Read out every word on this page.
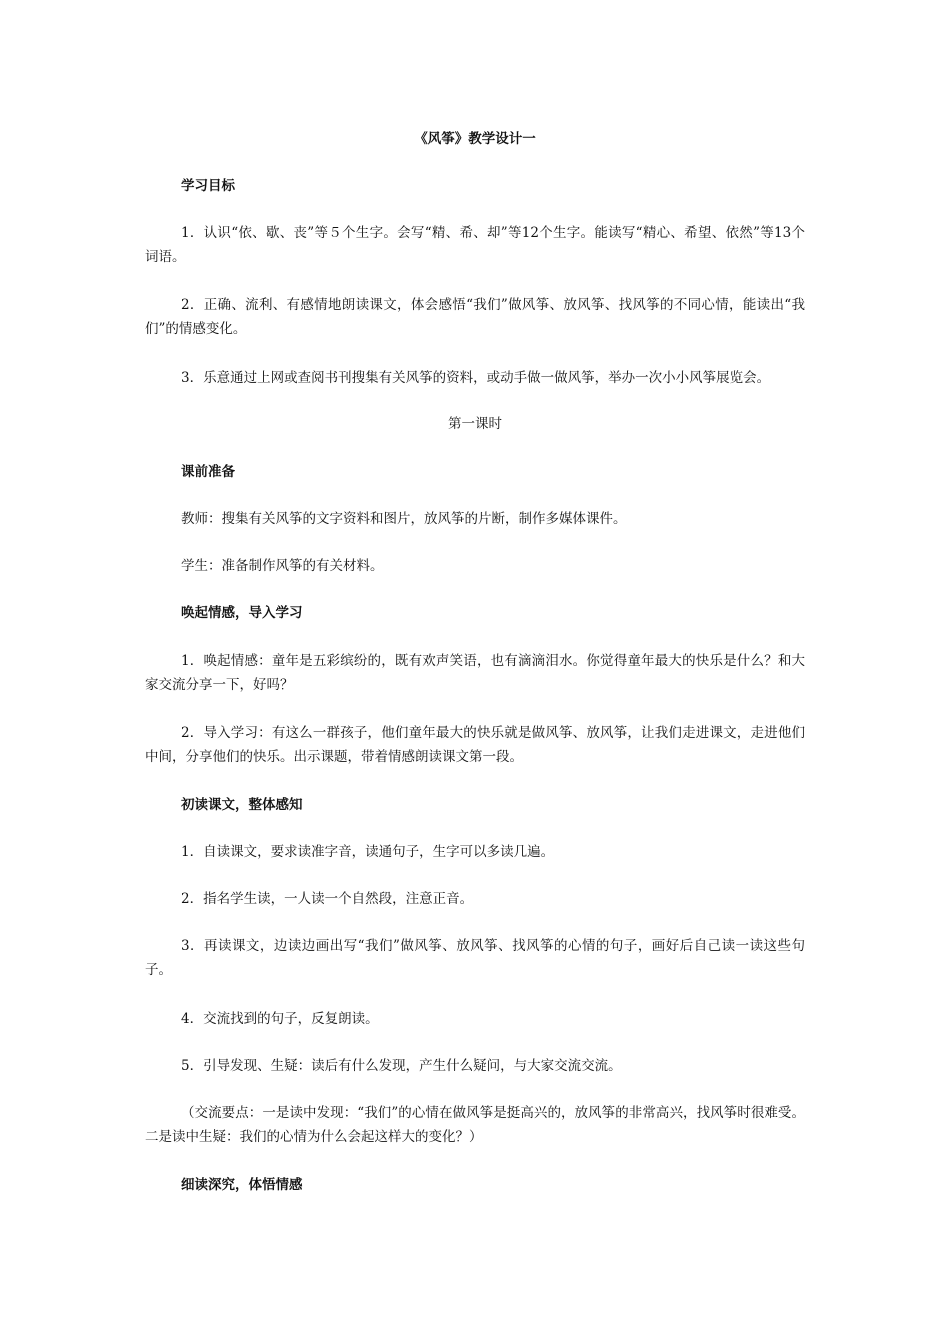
《风筝》教学设计一
学习目标
1．认识“依、歇、丧”等５个生字。会写“精、希、却”等12个生字。能读写“精心、希望、依然”等13个词语。
2．正确、流利、有感情地朗读课文，体会感悟“我们”做风筝、放风筝、找风筝的不同心情，能读出“我们”的情感变化。
3．乐意通过上网或查阅书刊搜集有关风筝的资料，或动手做一做风筝，举办一次小小风筝展览会。
第一课时
课前准备
教师：搜集有关风筝的文字资料和图片，放风筝的片断，制作多媒体课件。
学生：准备制作风筝的有关材料。
唤起情感，导入学习
1．唤起情感：童年是五彩缤纷的，既有欢声笑语，也有滴滴泪水。你觉得童年最大的快乐是什么？和大家交流分享一下，好吗？
2．导入学习：有这么一群孩子，他们童年最大的快乐就是做风筝、放风筝，让我们走进课文，走进他们中间，分享他们的快乐。出示课题，带着情感朗读课文第一段。
初读课文，整体感知
1．自读课文，要求读准字音，读通句子，生字可以多读几遍。
2．指名学生读，一人读一个自然段，注意正音。
3．再读课文，边读边画出写“我们”做风筝、放风筝、找风筝的心情的句子，画好后自己读一读这些句子。
4．交流找到的句子，反复朗读。
5．引导发现、生疑：读后有什么发现，产生什么疑问，与大家交流交流。
（交流要点：一是读中发现：“我们”的心情在做风筝是挺高兴的，放风筝的非常高兴，找风筝时很难受。二是读中生疑：我们的心情为什么会起这样大的变化？）
细读深究，体悟情感
